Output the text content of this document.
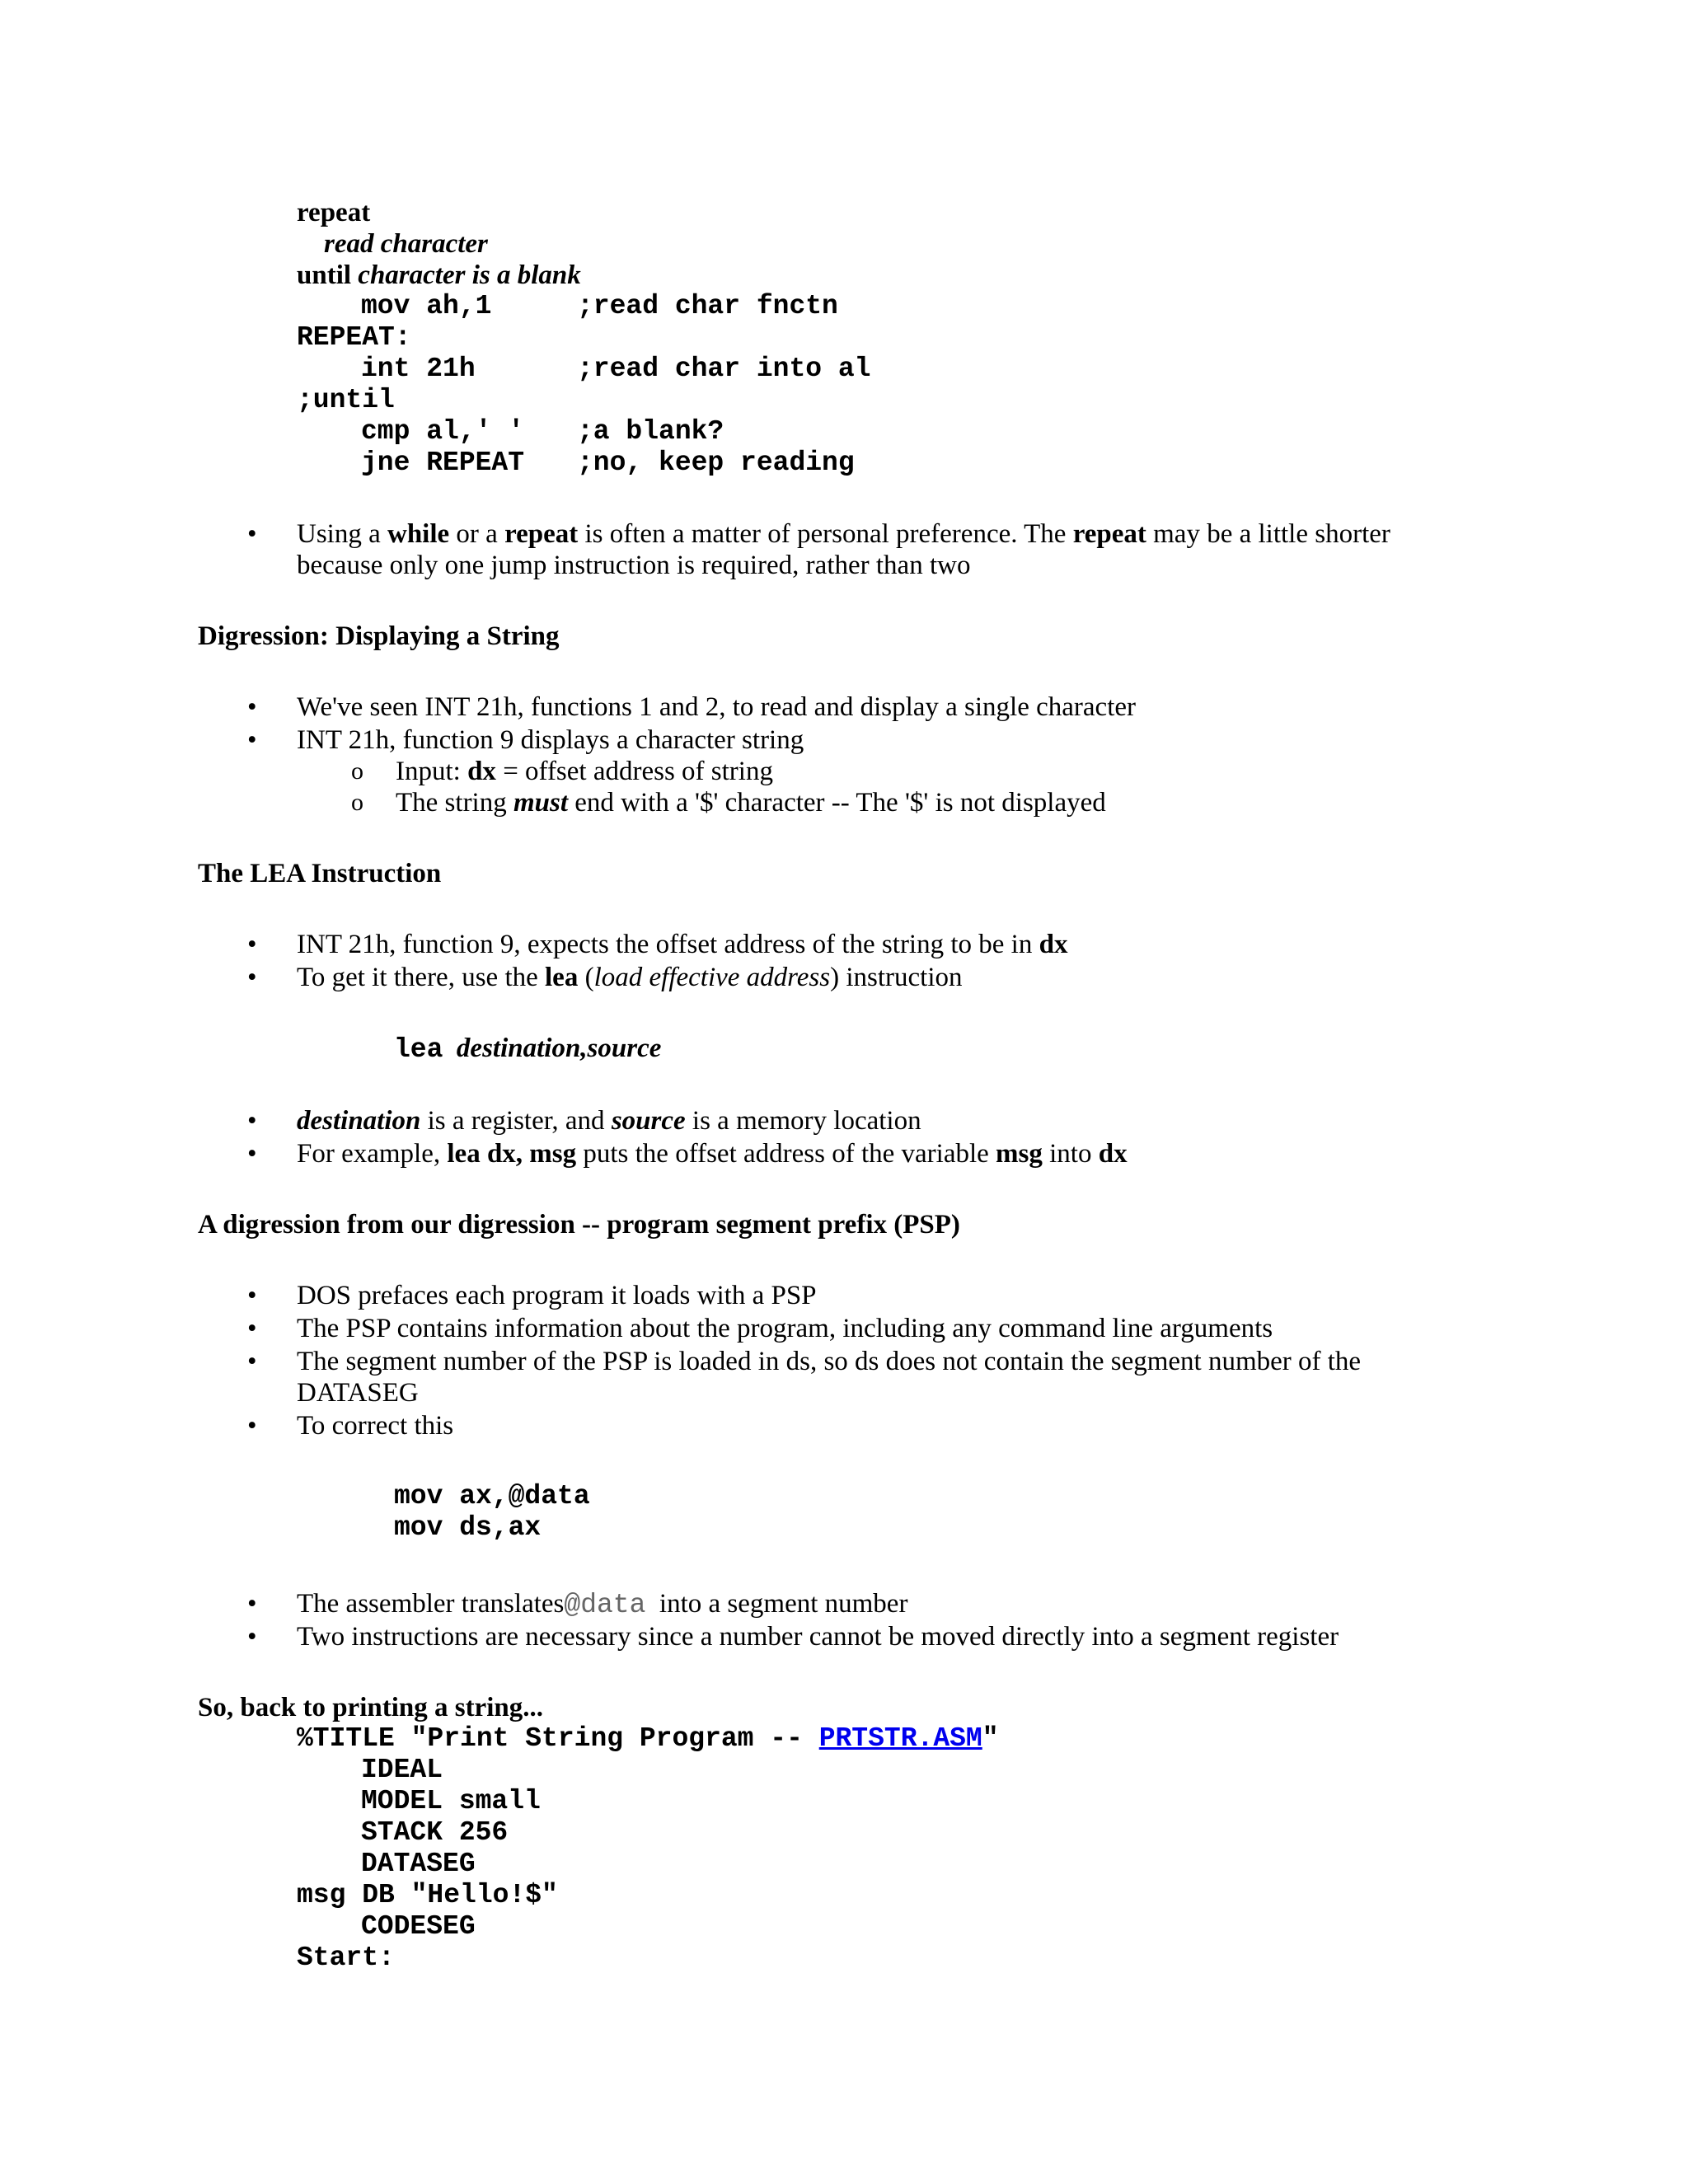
repeat
read character
until character is a blank
mov ah,1	;read char fnctn
REPEAT:
int 21h	;read char into al
;until
cmp al,' ' ;a blank?
jne REPEAT ;no, keep reading
• Using a while or a repeat is often a matter of personal preference. The repeat may be a little shorter
because only one jump instruction is required, rather than two
Digression: Displaying a String
• We've seen INT 21h, functions 1 and 2, to read and display a single character
• INT 21h, function 9 displays a character string
o Input: dx = offset address of string
o The string must end with a '$' character -- The '$' is not displayed
The LEA Instruction
• INT 21h, function 9, expects the offset address of the string to be in dx
• To get it there, use the lea (load effective address) instruction
lea destination,source
• destination is a register, and source is a memory location
• For example, lea dx, msg puts the offset address of the variable msg into dx
A digression from our digression -- program segment prefix (PSP)
• DOS prefaces each program it loads with a PSP
• The PSP contains information about the program, including any command line arguments
• The segment number of the PSP is loaded in ds, so ds does not contain the segment number of the
DATASEG
• To correct this
mov ax,@data
mov ds,ax
• The assembler translates@data  into a segment number
• Two instructions are necessary since a number cannot be moved directly into a segment register
So, back to printing a string...
%TITLE "Print String Program -- PRTSTR.ASM"
IDEAL
MODEL small
STACK 256
DATASEG
msg DB "Hello!$"
CODESEG
Start:
